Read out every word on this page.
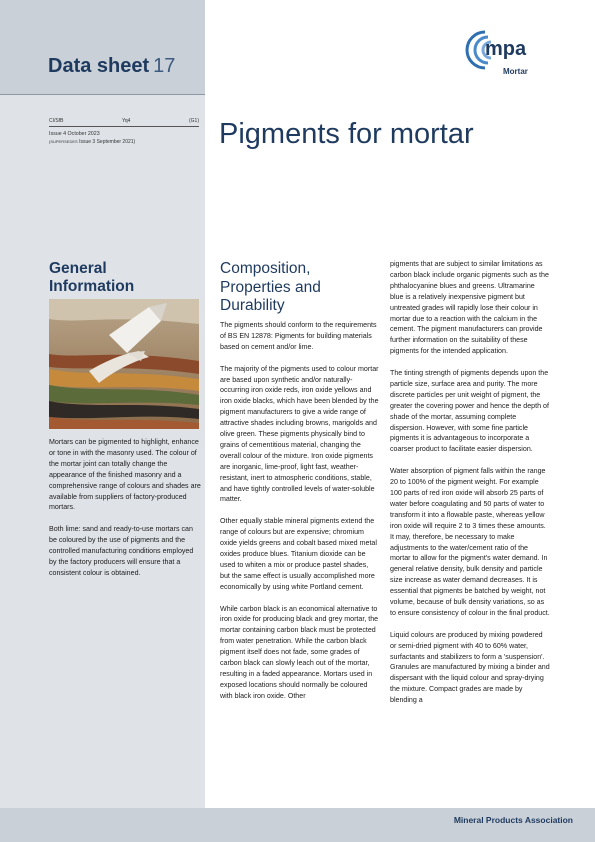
Data sheet 17
mpa
Mortar
CI/SfB	Yq4	(G1)
Issue 4 October 2023
(SUPERSEDES Issue 3 September 2021)	Pigments for mortar
General
Information

Mortars can be pigmented to highlight, enhance or tone in with the masonry used. The colour of the mortar joint can totally change the appearance of the finished masonry and a comprehensive range of colours and shades are available from suppliers of factory-produced mortars.

Both lime: sand and ready-to-use mortars can be coloured by the use of pigments and the controlled manufacturing conditions employed by the factory producers will ensure that a consistent colour is obtained.

Composition,
Properties and
Durability

The pigments should conform to the requirements of BS EN 12878: Pigments for building materials based on cement and/or lime.

The majority of the pigments used to colour mortar are based upon synthetic and/or naturally-occurring iron oxide reds, iron oxide yellows and iron oxide blacks, which have been blended by the pigment manufacturers to give a wide range of attractive shades including browns, marigolds and olive green. These pigments physically bind to grains of cementitious material, changing the overall colour of the mixture. Iron oxide pigments are inorganic, lime-proof, light fast, weather-resistant, inert to atmospheric conditions, stable, and have tightly controlled levels of water-soluble matter.

Other equally stable mineral pigments extend the range of colours but are expensive; chromium oxide yields greens and cobalt based mixed metal oxides produce blues. Titanium dioxide can be used to whiten a mix or produce pastel shades, but the same effect is usually accomplished more economically by using white Portland cement.

While carbon black is an economical alternative to iron oxide for producing black and grey mortar, the mortar containing carbon black must be protected from water penetration. While the carbon black pigment itself does not fade, some grades of carbon black can slowly leach out of the mortar, resulting in a faded appearance. Mortars used in exposed locations should normally be coloured with black iron oxide. Other

pigments that are subject to similar limitations as carbon black include organic pigments such as the phthalocyanine blues and greens. Ultramarine blue is a relatively inexpensive pigment but untreated grades will rapidly lose their colour in mortar due to a reaction with the calcium in the cement. The pigment manufacturers can provide further information on the suitability of these pigments for the intended application.

The tinting strength of pigments depends upon the particle size, surface area and purity. The more discrete particles per unit weight of pigment, the greater the covering power and hence the depth of shade of the mortar, assuming complete dispersion. However, with some fine particle pigments it is advantageous to incorporate a coarser product to facilitate easier dispersion.

Water absorption of pigment falls within the range 20 to 100% of the pigment weight. For example 100 parts of red iron oxide will absorb 25 parts of water before coagulating and 50 parts of water to transform it into a flowable paste, whereas yellow iron oxide will require 2 to 3 times these amounts. It may, therefore, be necessary to make adjustments to the water/cement ratio of the mortar to allow for the pigment's water demand. In general relative density, bulk density and particle size increase as water demand decreases. It is essential that pigments be batched by weight, not volume, because of bulk density variations, so as to ensure consistency of colour in the final product.

Liquid colours are produced by mixing powdered or semi-dried pigment with 40 to 60% water, surfactants and stabilizers to form a 'suspension'. Granules are manufactured by mixing a binder and dispersant with the liquid colour and spray-drying the mixture. Compact grades are made by blending a

Mineral Products Association
